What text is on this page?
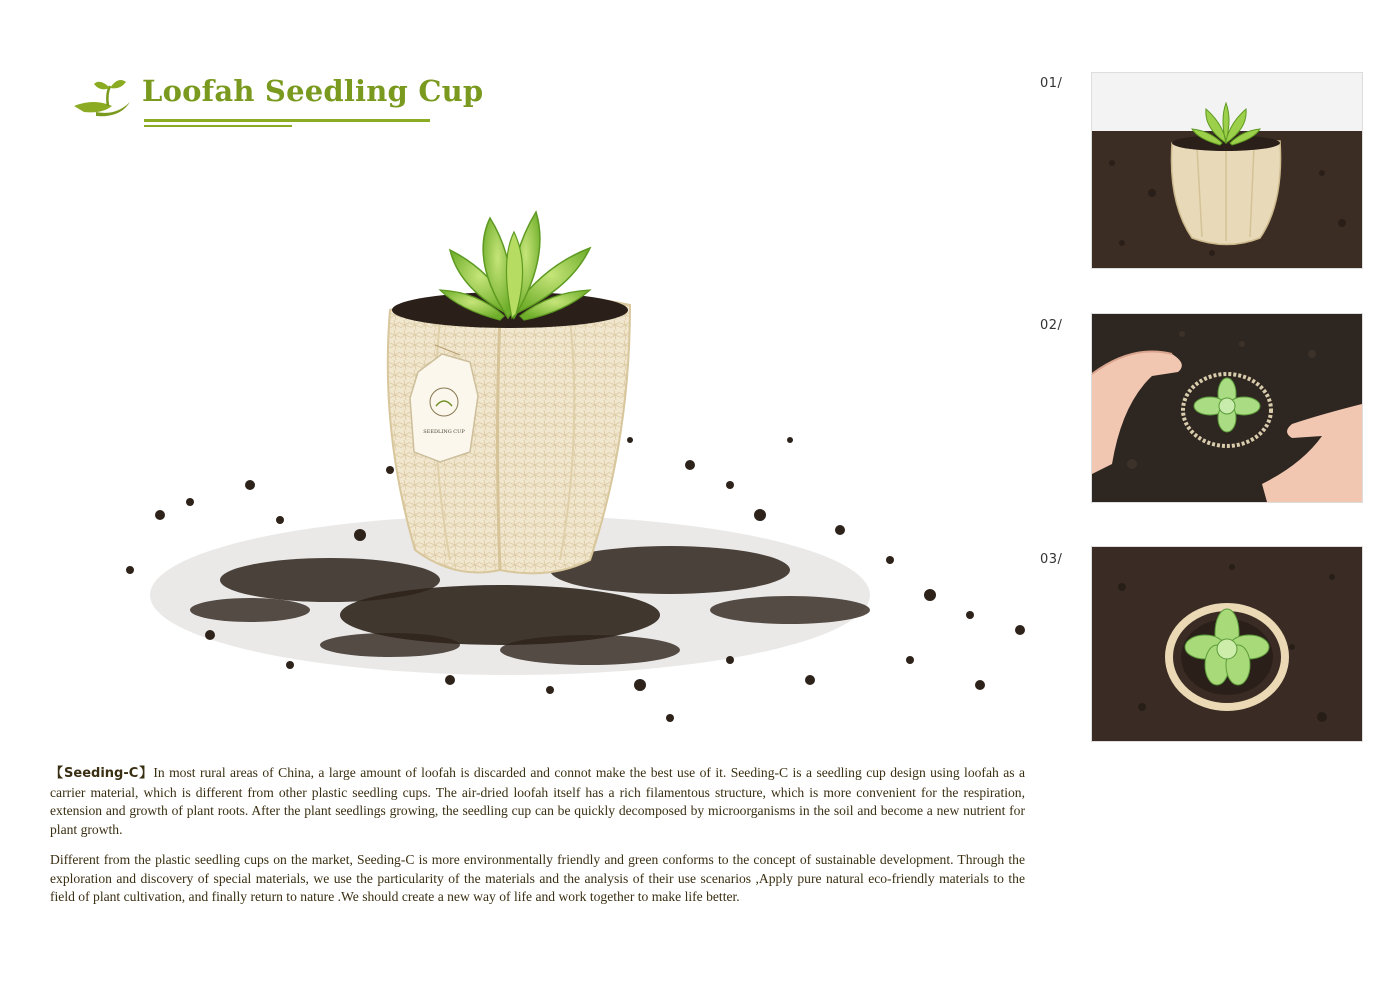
Loofah Seedling Cup
SEEDLING CUP

【Seeding-C】In most rural areas of China, a large amount of loofah is discarded and connot make the best use of it. Seeding-C is a seedling cup design using loofah as a carrier material, which is different from other plastic seedling cups. The air-dried loofah itself has a rich filamentous structure, which is more convenient for the respiration, extension and growth of plant roots. After the plant seedlings growing, the seedling cup can be quickly decomposed by microorganisms in the soil and become a new nutrient for plant growth.

Different from the plastic seedling cups on the market, Seeding-C is more environmentally friendly and green conforms to the concept of sustainable development. Through the exploration and discovery of special materials, we use the particularity of the materials and the analysis of their use scenarios ,Apply pure natural eco-friendly materials to the field of plant cultivation, and finally return to nature .We should create a new way of life and work together to make life better.

01/
02/
03/
